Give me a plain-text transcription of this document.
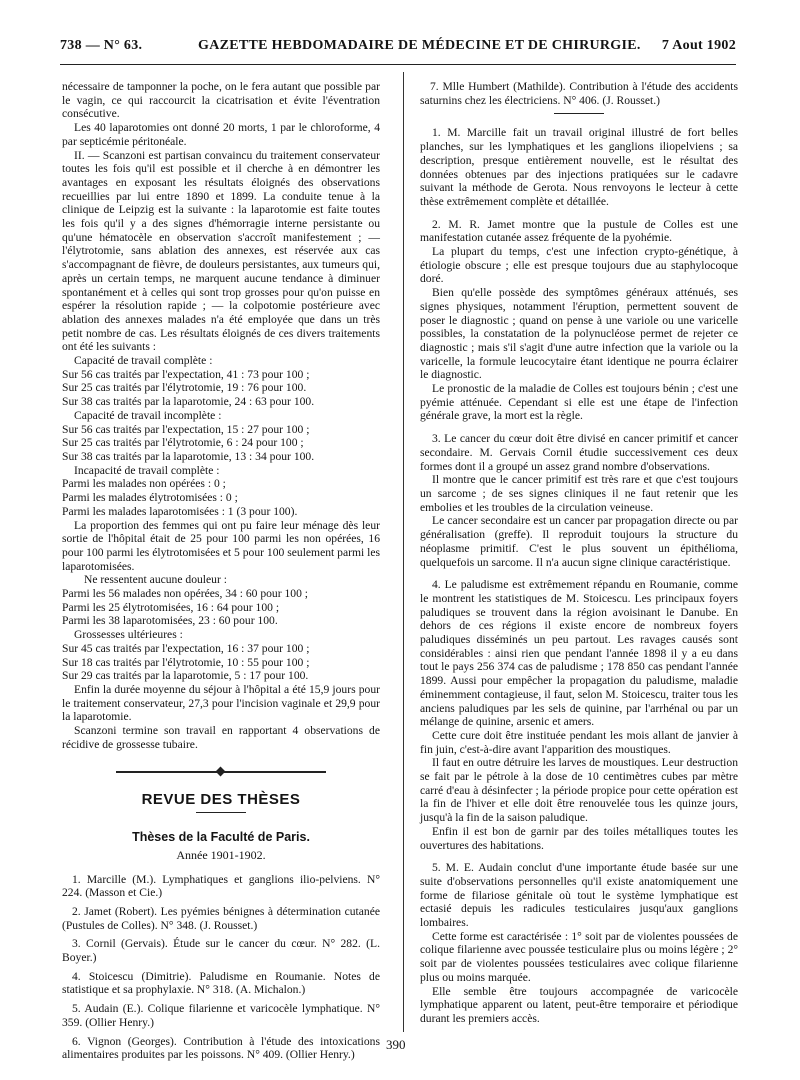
738 — N° 63.	GAZETTE HEBDOMADAIRE DE MÉDECINE ET DE CHIRURGIE. 7 Aout 1902

nécessaire de tamponner la poche, on le fera autant que possible par le vagin, ce qui raccourcit la cicatrisation et évite l'éventration consécutive.

Les 40 laparotomies ont donné 20 morts, 1 par le chloroforme, 4 par septicémie péritonéale.

II. — Scanzoni est partisan convaincu du traitement conservateur toutes les fois qu'il est possible et il cherche à en démontrer les avantages en exposant les résultats éloignés des observations recueillies par lui entre 1890 et 1899. La conduite tenue à la clinique de Leipzig est la suivante : la laparotomie est faite toutes les fois qu'il y a des signes d'hémorragie interne persistante ou qu'une hématocèle en observation s'accroît manifestement ; — l'élytrotomie, sans ablation des annexes, est réservée aux cas s'accompagnant de fièvre, de douleurs persistantes, aux tumeurs qui, après un certain temps, ne marquent aucune tendance à diminuer spontanément et à celles qui sont trop grosses pour qu'on puisse en espérer la résolution rapide ; — la colpotomie postérieure avec ablation des annexes malades n'a été employée que dans un très petit nombre de cas. Les résultats éloignés de ces divers traitements ont été les suivants :

Capacité de travail complète :

Sur 56 cas traités par l'expectation, 41 : 73 pour 100 ;

Sur 25 cas traités par l'élytrotomie, 19 : 76 pour 100.

Sur 38 cas traités par la laparotomie, 24 : 63 pour 100.

Capacité de travail incomplète :

Sur 56 cas traités par l'expectation, 15 : 27 pour 100 ;

Sur 25 cas traités par l'élytrotomie, 6 : 24 pour 100 ;

Sur 38 cas traités par la laparotomie, 13 : 34 pour 100.

Incapacité de travail complète :

Parmi les malades non opérées : 0 ;

Parmi les malades élytrotomisées : 0 ;

Parmi les malades laparotomisées : 1 (3 pour 100).

La proportion des femmes qui ont pu faire leur ménage dès leur sortie de l'hôpital était de 25 pour 100 parmi les non opérées, 16 pour 100 parmi les élytrotomisées et 5 pour 100 seulement parmi les laparotomisées.

Ne ressentent aucune douleur :

Parmi les 56 malades non opérées, 34 : 60 pour 100 ;

Parmi les 25 élytrotomisées, 16 : 64 pour 100 ;

Parmi les 38 laparotomisées, 23 : 60 pour 100.

Grossesses ultérieures :

Sur 45 cas traités par l'expectation, 16 : 37 pour 100 ;

Sur 18 cas traités par l'élytrotomie, 10 : 55 pour 100 ;

Sur 29 cas traités par la laparotomie, 5 : 17 pour 100.

Enfin la durée moyenne du séjour à l'hôpital a été 15,9 jours pour le traitement conservateur, 27,3 pour l'incision vaginale et 29,9 pour la laparotomie.

Scanzoni termine son travail en rapportant 4 observations de récidive de grossesse tubaire.

REVUE DES THÈSES
Thèses de la Faculté de Paris.
Année 1901-1902.

1. Marcille (M.). Lymphatiques et ganglions ilio-pelviens. N° 224. (Masson et Cie.)

2. Jamet (Robert). Les pyémies bénignes à détermination cutanée (Pustules de Colles). N° 348. (J. Rousset.)

3. Cornil (Gervais). Étude sur le cancer du cœur. N° 282. (L. Boyer.)

4. Stoicescu (Dimitrie). Paludisme en Roumanie. Notes de statistique et sa prophylaxie. N° 318. (A. Michalon.)

5. Audain (E.). Colique filarienne et varicocèle lymphatique. N° 359. (Ollier Henry.)

6. Vignon (Georges). Contribution à l'étude des intoxications alimentaires produites par les poissons. N° 409. (Ollier Henry.)

7. Mlle Humbert (Mathilde). Contribution à l'étude des accidents saturnins chez les électriciens. N° 406. (J. Rousset.)

1. M. Marcille fait un travail original illustré de fort belles planches, sur les lymphatiques et les ganglions iliopelviens ; sa description, presque entièrement nouvelle, est le résultat des données obtenues par des injections pratiquées sur le cadavre suivant la méthode de Gerota. Nous renvoyons le lecteur à cette thèse extrêmement complète et détaillée.

2. M. R. Jamet montre que la pustule de Colles est une manifestation cutanée assez fréquente de la pyohémie.

La plupart du temps, c'est une infection crypto-génétique, à étiologie obscure ; elle est presque toujours due au staphylocoque doré.

Bien qu'elle possède des symptômes généraux atténués, ses signes physiques, notamment l'éruption, permettent souvent de poser le diagnostic ; quand on pense à une variole ou une varicelle possibles, la constatation de la polynucléose permet de rejeter ce diagnostic ; mais s'il s'agit d'une autre infection que la variole ou la varicelle, la formule leucocytaire étant identique ne pourra éclairer le diagnostic.

Le pronostic de la maladie de Colles est toujours bénin ; c'est une pyémie atténuée. Cependant si elle est une étape de l'infection générale grave, la mort est la règle.

3. Le cancer du cœur doit être divisé en cancer primitif et cancer secondaire. M. Gervais Cornil étudie successivement ces deux formes dont il a groupé un assez grand nombre d'observations.

Il montre que le cancer primitif est très rare et que c'est toujours un sarcome ; de ses signes cliniques il ne faut retenir que les embolies et les troubles de la circulation veineuse.

Le cancer secondaire est un cancer par propagation directe ou par généralisation (greffe). Il reproduit toujours la structure du néoplasme primitif. C'est le plus souvent un épithélioma, quelquefois un sarcome. Il n'a aucun signe clinique caractéristique.

4. Le paludisme est extrêmement répandu en Roumanie, comme le montrent les statistiques de M. Stoicescu. Les principaux foyers paludiques se trouvent dans la région avoisinant le Danube. En dehors de ces régions il existe encore de nombreux foyers paludiques disséminés un peu partout. Les ravages causés sont considérables : ainsi rien que pendant l'année 1898 il y a eu dans tout le pays 256 374 cas de paludisme ; 178 850 cas pendant l'année 1899. Aussi pour empêcher la propagation du paludisme, maladie éminemment contagieuse, il faut, selon M. Stoicescu, traiter tous les anciens paludiques par les sels de quinine, par l'arrhénal ou par un mélange de quinine, arsenic et amers.

Cette cure doit être instituée pendant les mois allant de janvier à fin juin, c'est-à-dire avant l'apparition des moustiques.

Il faut en outre détruire les larves de moustiques. Leur destruction se fait par le pétrole à la dose de 10 centimètres cubes par mètre carré d'eau à désinfecter ; la période propice pour cette opération est la fin de l'hiver et elle doit être renouvelée tous les quinze jours, jusqu'à la fin de la saison paludique.

Enfin il est bon de garnir par des toiles métalliques toutes les ouvertures des habitations.

5. M. E. Audain conclut d'une importante étude basée sur une suite d'observations personnelles qu'il existe anatomiquement une forme de filariose génitale où tout le système lymphatique est ectasié depuis les radicules testiculaires jusqu'aux ganglions lombaires.

Cette forme est caractérisée : 1° soit par de violentes poussées de colique filarienne avec poussée testiculaire plus ou moins légère ; 2° soit par de violentes poussées testiculaires avec colique filarienne plus ou moins marquée.

Elle semble être toujours accompagnée de varicocèle lymphatique apparent ou latent, peut-être temporaire et périodique durant les premiers accès.

390
